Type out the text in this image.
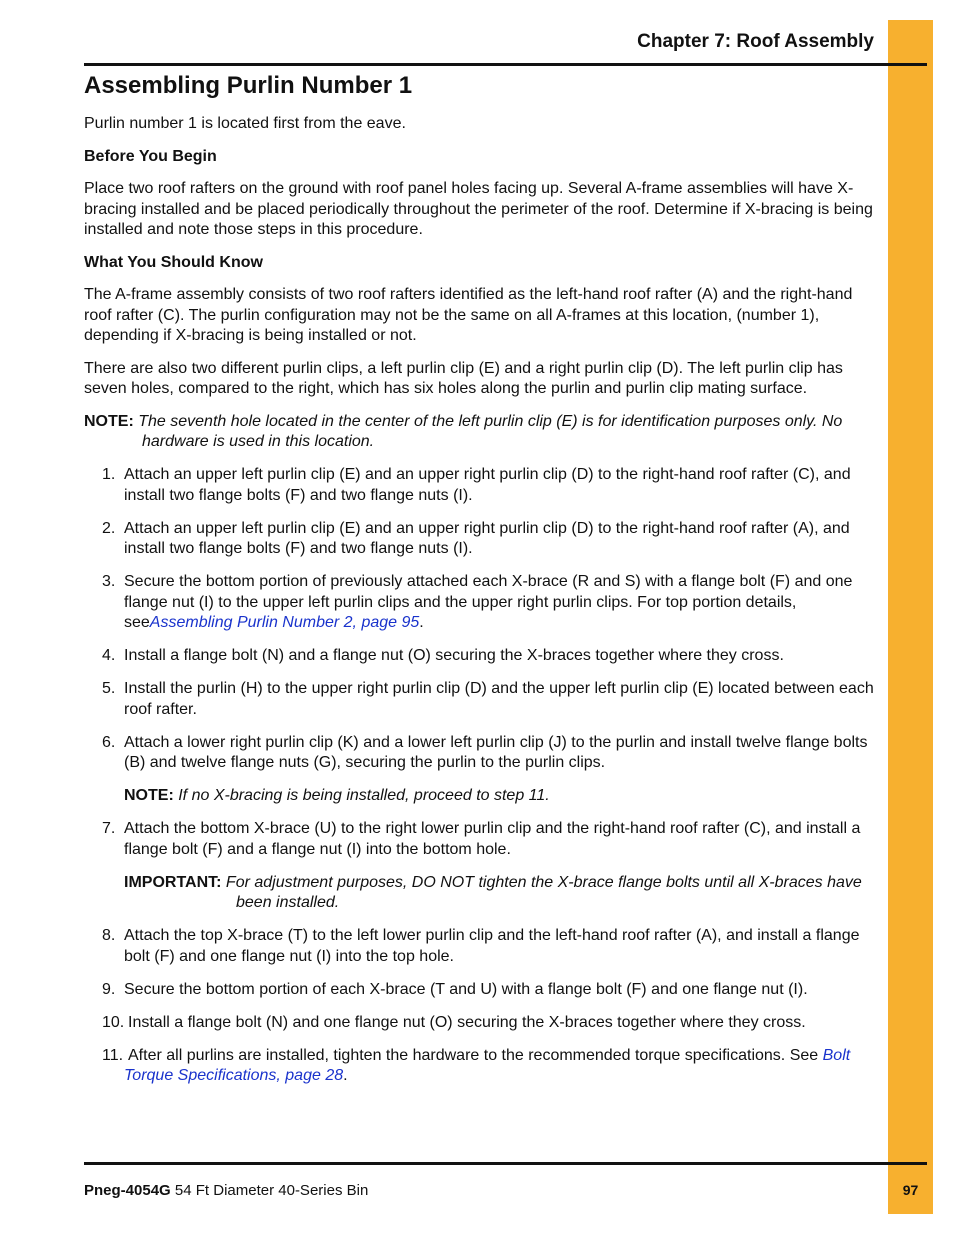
Chapter 7: Roof Assembly
Assembling Purlin Number 1

Purlin number 1 is located first from the eave.

Before You Begin

Place two roof rafters on the ground with roof panel holes facing up. Several A-frame assemblies will have X-bracing installed and be placed periodically throughout the perimeter of the roof. Determine if X-bracing is being installed and note those steps in this procedure.

What You Should Know

The A-frame assembly consists of two roof rafters identified as the left-hand roof rafter (A) and the right-hand roof rafter (C). The purlin configuration may not be the same on all A-frames at this location, (number 1), depending if X-bracing is being installed or not.

There are also two different purlin clips, a left purlin clip (E) and a right purlin clip (D). The left purlin clip has seven holes, compared to the right, which has six holes along the purlin and purlin clip mating surface.

NOTE: The seventh hole located in the center of the left purlin clip (E) is for identification purposes only. No hardware is used in this location.
1. Attach an upper left purlin clip (E) and an upper right purlin clip (D) to the right-hand roof rafter (C), and install two flange bolts (F) and two flange nuts (I).
2. Attach an upper left purlin clip (E) and an upper right purlin clip (D) to the right-hand roof rafter (A), and install two flange bolts (F) and two flange nuts (I).
3. Secure the bottom portion of previously attached each X-brace (R and S) with a flange bolt (F) and one flange nut (I) to the upper left purlin clips and the upper right purlin clips. For top portion details, seeAssembling Purlin Number 2, page 95.
4. Install a flange bolt (N) and a flange nut (O) securing the X-braces together where they cross.
5. Install the purlin (H) to the upper right purlin clip (D) and the upper left purlin clip (E) located between each roof rafter.
6. Attach a lower right purlin clip (K) and a lower left purlin clip (J) to the purlin and install twelve flange bolts (B) and twelve flange nuts (G), securing the purlin to the purlin clips.
NOTE: If no X-bracing is being installed, proceed to step 11.
7. Attach the bottom X-brace (U) to the right lower purlin clip and the right-hand roof rafter (C), and install a flange bolt (F) and a flange nut (I) into the bottom hole.
IMPORTANT: For adjustment purposes, DO NOT tighten the X-brace flange bolts until all X-braces have been installed.
8. Attach the top X-brace (T) to the left lower purlin clip and the left-hand roof rafter (A), and install a flange bolt (F) and one flange nut (I) into the top hole.
9. Secure the bottom portion of each X-brace (T and U) with a flange bolt (F) and one flange nut (I).
10. Install a flange bolt (N) and one flange nut (O) securing the X-braces together where they cross.
11. After all purlins are installed, tighten the hardware to the recommended torque specifications. See Bolt Torque Specifications, page 28.
Pneg-4054G 54 Ft Diameter 40-Series Bin	97
